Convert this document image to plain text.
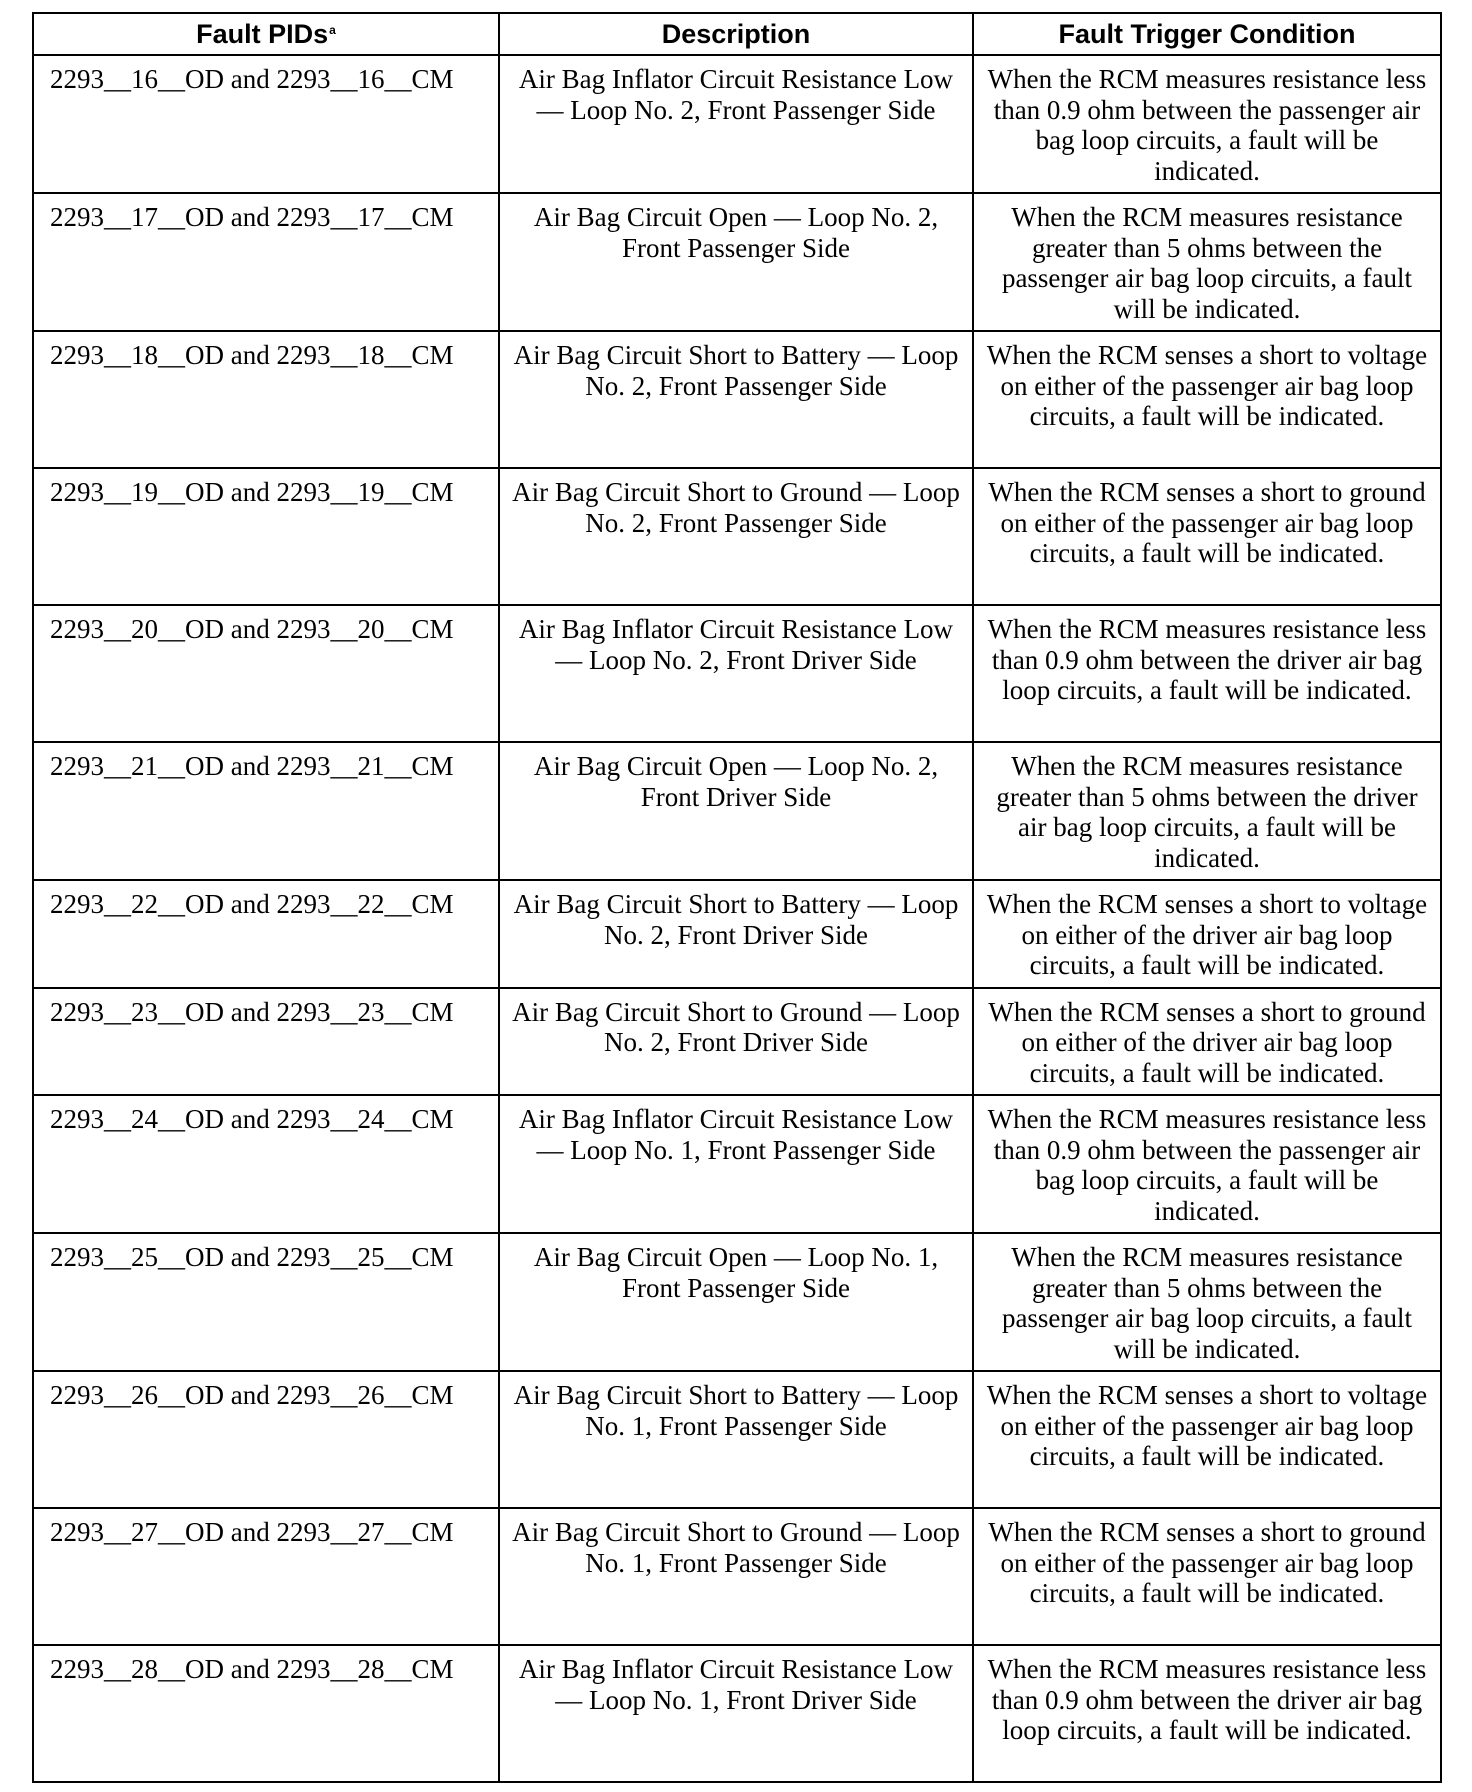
Fault PIDs$^a$	Description	Fault Trigger Condition
2293__16__OD and 2293__16__CM	Air Bag Inflator Circuit Resistance Low — Loop No. 2, Front Passenger Side	When the RCM measures resistance less than 0.9 ohm between the passenger air bag loop circuits, a fault will be indicated.
2293__17__OD and 2293__17__CM	Air Bag Circuit Open — Loop No. 2, Front Passenger Side	When the RCM measures resistance greater than 5 ohms between the passenger air bag loop circuits, a fault will be indicated.
2293__18__OD and 2293__18__CM	Air Bag Circuit Short to Battery — Loop No. 2, Front Passenger Side	When the RCM senses a short to voltage on either of the passenger air bag loop circuits, a fault will be indicated.
2293__19__OD and 2293__19__CM	Air Bag Circuit Short to Ground — Loop No. 2, Front Passenger Side	When the RCM senses a short to ground on either of the passenger air bag loop circuits, a fault will be indicated.
2293__20__OD and 2293__20__CM	Air Bag Inflator Circuit Resistance Low — Loop No. 2, Front Driver Side	When the RCM measures resistance less than 0.9 ohm between the driver air bag loop circuits, a fault will be indicated.
2293__21__OD and 2293__21__CM	Air Bag Circuit Open — Loop No. 2, Front Driver Side	When the RCM measures resistance greater than 5 ohms between the driver air bag loop circuits, a fault will be indicated.
2293__22__OD and 2293__22__CM	Air Bag Circuit Short to Battery — Loop No. 2, Front Driver Side	When the RCM senses a short to voltage on either of the driver air bag loop circuits, a fault will be indicated.
2293__23__OD and 2293__23__CM	Air Bag Circuit Short to Ground — Loop No. 2, Front Driver Side	When the RCM senses a short to ground on either of the driver air bag loop circuits, a fault will be indicated.
2293__24__OD and 2293__24__CM	Air Bag Inflator Circuit Resistance Low — Loop No. 1, Front Passenger Side	When the RCM measures resistance less than 0.9 ohm between the passenger air bag loop circuits, a fault will be indicated.
2293__25__OD and 2293__25__CM	Air Bag Circuit Open — Loop No. 1, Front Passenger Side	When the RCM measures resistance greater than 5 ohms between the passenger air bag loop circuits, a fault will be indicated.
2293__26__OD and 2293__26__CM	Air Bag Circuit Short to Battery — Loop No. 1, Front Passenger Side	When the RCM senses a short to voltage on either of the passenger air bag loop circuits, a fault will be indicated.
2293__27__OD and 2293__27__CM	Air Bag Circuit Short to Ground — Loop No. 1, Front Passenger Side	When the RCM senses a short to ground on either of the passenger air bag loop circuits, a fault will be indicated.
2293__28__OD and 2293__28__CM	Air Bag Inflator Circuit Resistance Low — Loop No. 1, Front Driver Side	When the RCM measures resistance less than 0.9 ohm between the driver air bag loop circuits, a fault will be indicated.
